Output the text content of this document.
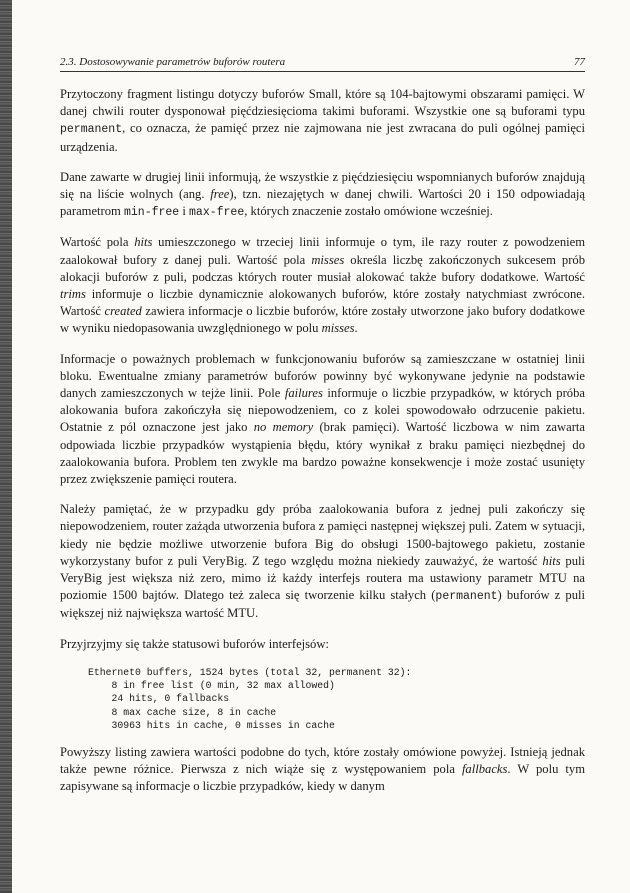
2.3. Dostosowywanie parametrów buforów routera	77

Przytoczony fragment listingu dotyczy buforów Small, które są 104-bajtowymi obszarami pamięci. W danej chwili router dysponował pięćdziesięcioma takimi buforami. Wszystkie one są buforami typu permanent, co oznacza, że pamięć przez nie zajmowana nie jest zwracana do puli ogólnej pamięci urządzenia.

Dane zawarte w drugiej linii informują, że wszystkie z pięćdziesięciu wspomnianych buforów znajdują się na liście wolnych (ang. free), tzn. niezajętych w danej chwili. Wartości 20 i 150 odpowiadają parametrom min-free i max-free, których znaczenie zostało omówione wcześniej.

Wartość pola hits umieszczonego w trzeciej linii informuje o tym, ile razy router z powodzeniem zaalokował bufory z danej puli. Wartość pola misses określa liczbę zakończonych sukcesem prób alokacji buforów z puli, podczas których router musiał alokować także bufory dodatkowe. Wartość trims informuje o liczbie dynamicznie alokowanych buforów, które zostały natychmiast zwrócone. Wartość created zawiera informacje o liczbie buforów, które zostały utworzone jako bufory dodatkowe w wyniku niedopasowania uwzględnionego w polu misses.

Informacje o poważnych problemach w funkcjonowaniu buforów są zamieszczane w ostatniej linii bloku. Ewentualne zmiany parametrów buforów powinny być wykonywane jedynie na podstawie danych zamieszczonych w tejże linii. Pole failures informuje o liczbie przypadków, w których próba alokowania bufora zakończyła się niepowodzeniem, co z kolei spowodowało odrzucenie pakietu. Ostatnie z pól oznaczone jest jako no memory (brak pamięci). Wartość liczbowa w nim zawarta odpowiada liczbie przypadków wystąpienia błędu, który wynikał z braku pamięci niezbędnej do zaalokowania bufora. Problem ten zwykle ma bardzo poważne konsekwencje i może zostać usunięty przez zwiększenie pamięci routera.

Należy pamiętać, że w przypadku gdy próba zaalokowania bufora z jednej puli zakończy się niepowodzeniem, router zażąda utworzenia bufora z pamięci następnej większej puli. Zatem w sytuacji, kiedy nie będzie możliwe utworzenie bufora Big do obsługi 1500-bajtowego pakietu, zostanie wykorzystany bufor z puli VeryBig. Z tego względu można niekiedy zauważyć, że wartość hits puli VeryBig jest większa niż zero, mimo iż każdy interfejs routera ma ustawiony parametr MTU na poziomie 1500 bajtów. Dlatego też zaleca się tworzenie kilku stałych (permanent) buforów z puli większej niż największa wartość MTU.

Przyjrzyjmy się także statusowi buforów interfejsów:

Ethernet0 buffers, 1524 bytes (total 32, permanent 32):
8 in free list (0 min, 32 max allowed)
24 hits, 0 fallbacks
8 max cache size, 8 in cache
30963 hits in cache, 0 misses in cache

Powyższy listing zawiera wartości podobne do tych, które zostały omówione powyżej. Istnieją jednak także pewne różnice. Pierwsza z nich wiąże się z występowaniem pola fallbacks. W polu tym zapisywane są informacje o liczbie przypadków, kiedy w danym
